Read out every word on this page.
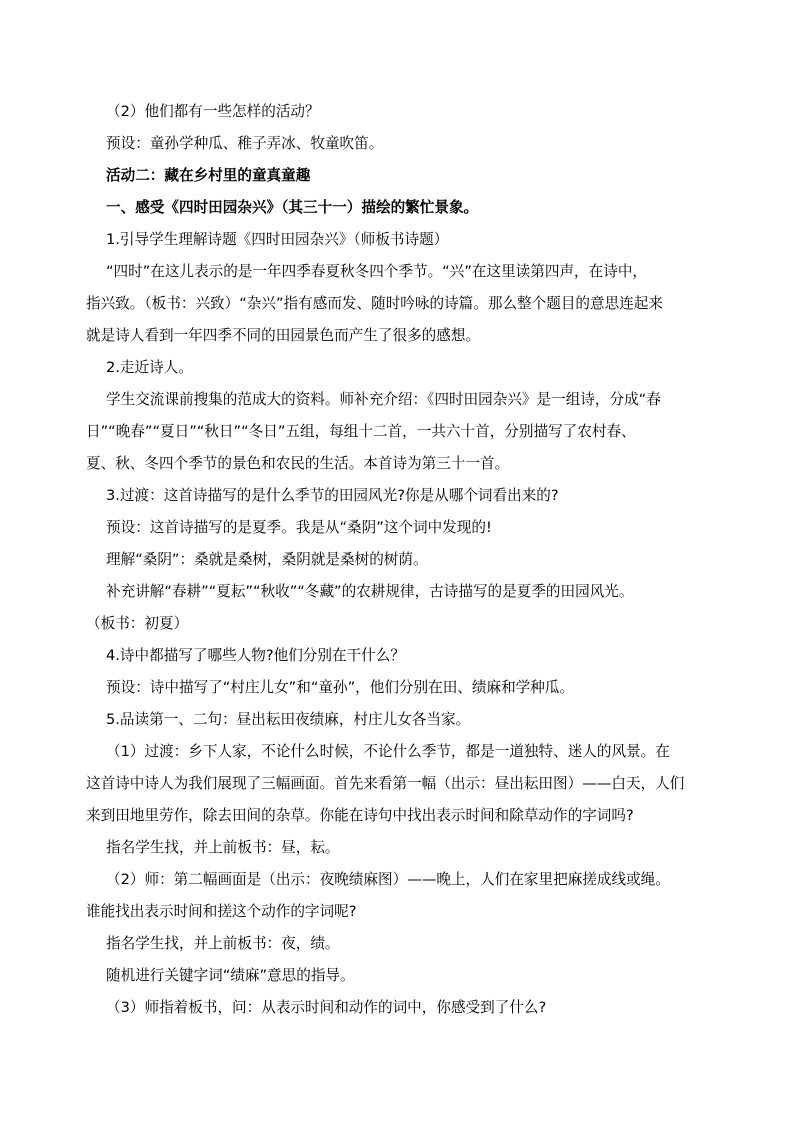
（2）他们都有一些怎样的活动？
预设：童孙学种瓜、稚子弄冰、牧童吹笛。
活动二：藏在乡村里的童真童趣
一、感受《四时田园杂兴》（其三十一）描绘的繁忙景象。
1.引导学生理解诗题《四时田园杂兴》（师板书诗题）
“四时”在这儿表示的是一年四季春夏秋冬四个季节。“兴”在这里读第四声，在诗中，
指兴致。（板书：兴致）“杂兴”指有感而发、随时吟咏的诗篇。那么整个题目的意思连起来
就是诗人看到一年四季不同的田园景色而产生了很多的感想。
2.走近诗人。
学生交流课前搜集的范成大的资料。师补充介绍：《四时田园杂兴》是一组诗，分成“春
日”“晚春”“夏日”“秋日”“冬日”五组，每组十二首，一共六十首，分别描写了农村春、
夏、秋、冬四个季节的景色和农民的生活。本首诗为第三十一首。
3.过渡：这首诗描写的是什么季节的田园风光?你是从哪个词看出来的?
预设：这首诗描写的是夏季。我是从“桑阴”这个词中发现的!
理解“桑阴”：桑就是桑树，桑阴就是桑树的树荫。
补充讲解“春耕”“夏耘”“秋收”“冬藏”的农耕规律，古诗描写的是夏季的田园风光。
（板书：初夏）
4.诗中都描写了哪些人物?他们分别在干什么？
预设：诗中描写了“村庄儿女”和“童孙”，他们分别在田、绩麻和学种瓜。
5.品读第一、二句：昼出耘田夜绩麻，村庄儿女各当家。
（1）过渡：乡下人家，不论什么时候，不论什么季节，都是一道独特、迷人的风景。在
这首诗中诗人为我们展现了三幅画面。首先来看第一幅（出示：昼出耘田图）——白天，人们
来到田地里劳作，除去田间的杂草。你能在诗句中找出表示时间和除草动作的字词吗?
指名学生找，并上前板书：昼，耘。
（2）师：第二幅画面是（出示：夜晚绩麻图）——晚上，人们在家里把麻搓成线或绳。
谁能找出表示时间和搓这个动作的字词呢?
指名学生找，并上前板书：夜，绩。
随机进行关键字词“绩麻”意思的指导。
（3）师指着板书，问：从表示时间和动作的词中，你感受到了什么?
